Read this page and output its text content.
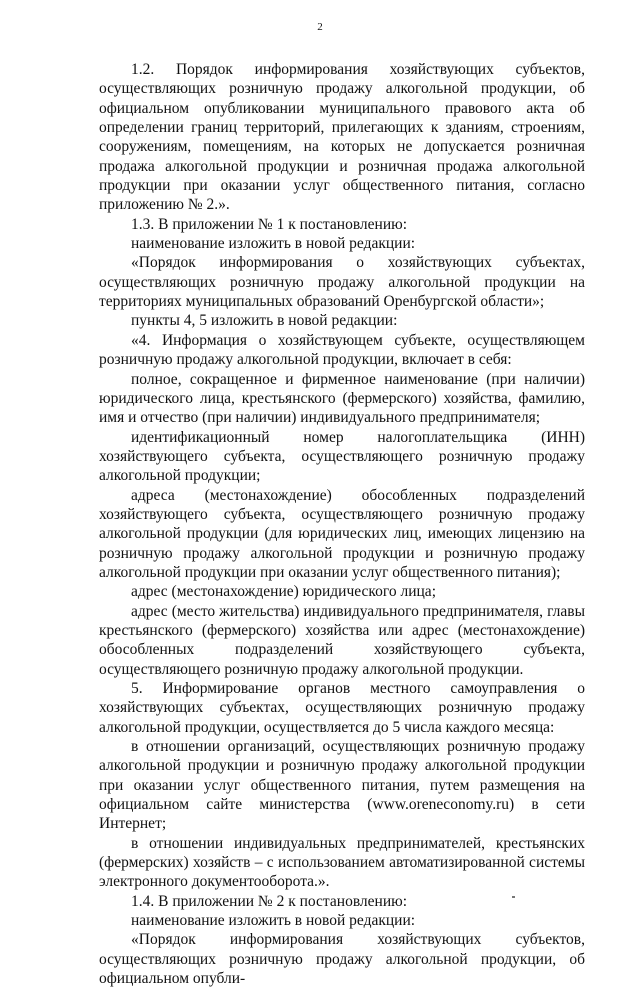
2

1.2. Порядок информирования хозяйствующих субъектов, осуществляющих розничную продажу алкогольной продукции, об официальном опубликовании муниципального правового акта об определении границ территорий, прилегающих к зданиям, строениям, сооружениям, помещениям, на которых не допускается розничная продажа алкогольной продукции и розничная продажа алкогольной продукции при оказании услуг общественного питания, согласно приложению № 2.».

1.3. В приложении № 1 к постановлению:

наименование изложить в новой редакции:

«Порядок информирования о хозяйствующих субъектах, осуществляющих розничную продажу алкогольной продукции на территориях муниципальных образований Оренбургской области»;

пункты 4, 5 изложить в новой редакции:

«4. Информация о хозяйствующем субъекте, осуществляющем розничную продажу алкогольной продукции, включает в себя:

полное, сокращенное и фирменное наименование (при наличии) юридического лица, крестьянского (фермерского) хозяйства, фамилию, имя и отчество (при наличии) индивидуального предпринимателя;

идентификационный номер налогоплательщика (ИНН) хозяйствующего субъекта, осуществляющего розничную продажу алкогольной продукции;

адреса (местонахождение) обособленных подразделений хозяйствующего субъекта, осуществляющего розничную продажу алкогольной продукции (для юридических лиц, имеющих лицензию на розничную продажу алкогольной продукции и розничную продажу алкогольной продукции при оказании услуг общественного питания);

адрес (местонахождение) юридического лица;

адрес (место жительства) индивидуального предпринимателя, главы крестьянского (фермерского) хозяйства или адрес (местонахождение) обособленных подразделений хозяйствующего субъекта, осуществляющего розничную продажу алкогольной продукции.

5. Информирование органов местного самоуправления о хозяйствующих субъектах, осуществляющих розничную продажу алкогольной продукции, осуществляется до 5 числа каждого месяца:

в отношении организаций, осуществляющих розничную продажу алкогольной продукции и розничную продажу алкогольной продукции при оказании услуг общественного питания, путем размещения на официальном сайте министерства (www.oreneconomy.ru) в сети Интернет;

в отношении индивидуальных предпринимателей, крестьянских (фермерских) хозяйств – с использованием автоматизированной системы электронного документооборота.».

1.4. В приложении № 2 к постановлению:

наименование изложить в новой редакции:

«Порядок информирования хозяйствующих субъектов, осуществляющих розничную продажу алкогольной продукции, об официальном опубли-
